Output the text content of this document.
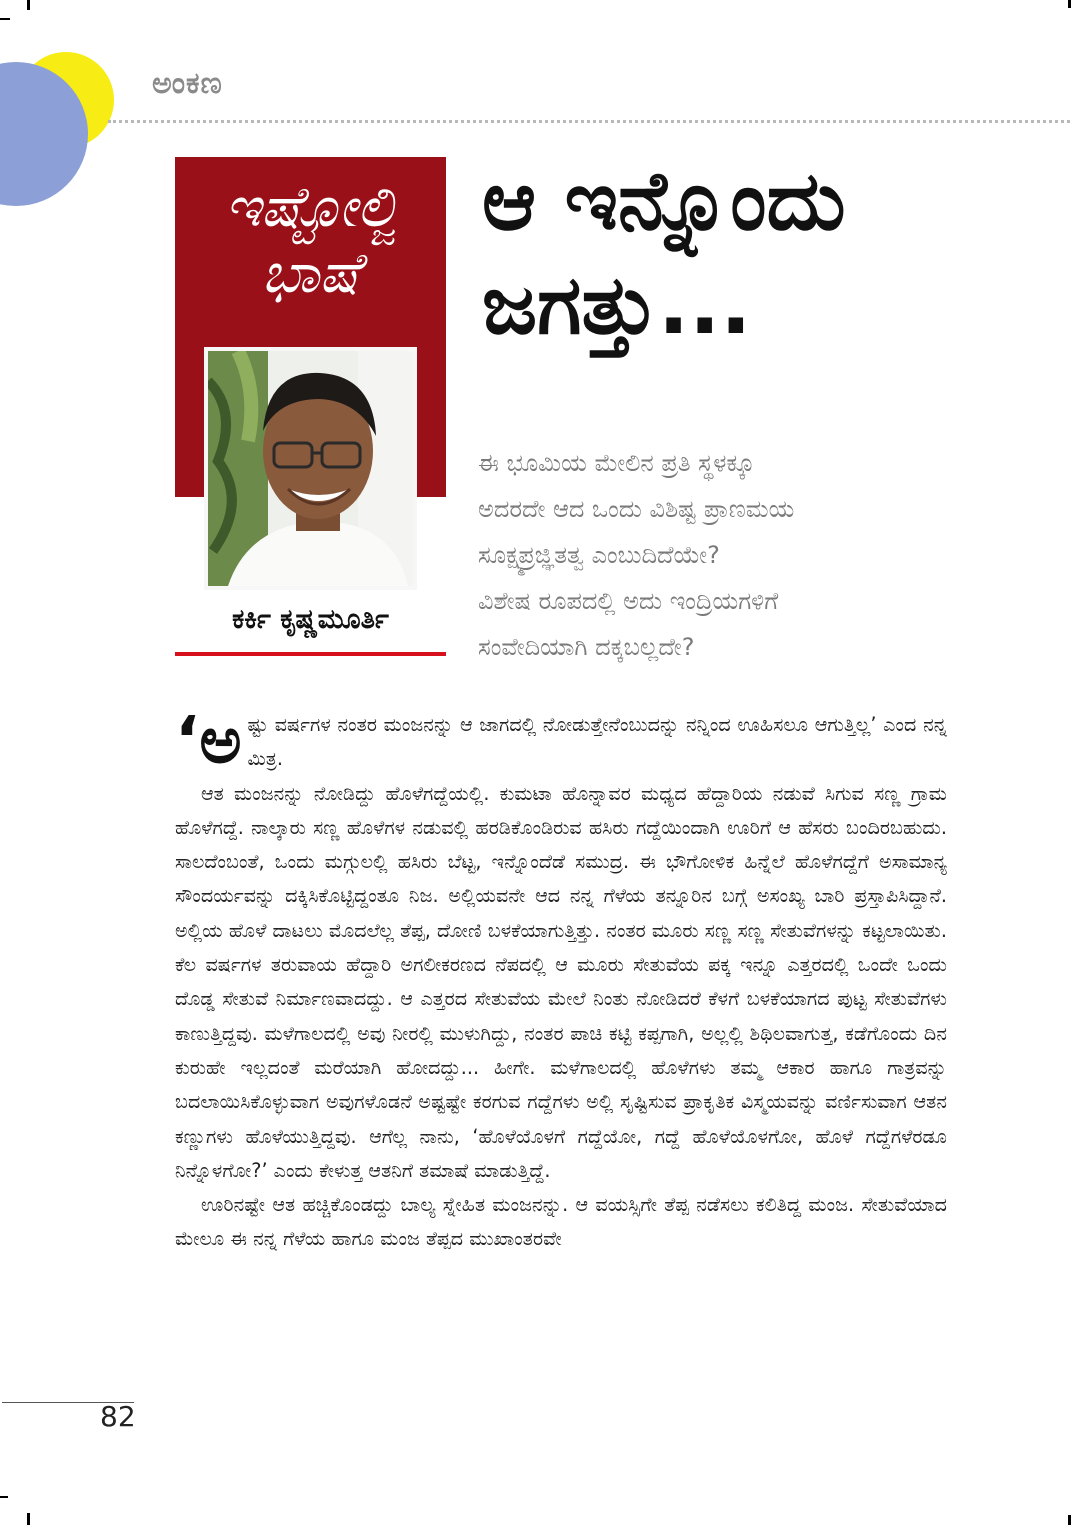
ಅಂಕಣ
ಇಷ್ಟೋಲ್ಜಿ
ಭಾಷೆ
ಕರ್ಕಿ ಕೃಷ್ಣಮೂರ್ತಿ
ಆ ಇನ್ನೊಂದು
ಜಗತ್ತು...
ಈ ಭೂಮಿಯ ಮೇಲಿನ ಪ್ರತಿ ಸ್ಥಳಕ್ಕೂ
ಅದರದೇ ಆದ ಒಂದು ವಿಶಿಷ್ಟ ಪ್ರಾಣಮಯ
ಸೂಕ್ಷ್ಮಪ್ರಜ್ಞಿತತ್ವ ಎಂಬುದಿದೆಯೇ?
ವಿಶೇಷ ರೂಪದಲ್ಲಿ ಅದು ಇಂದ್ರಿಯಗಳಿಗೆ
ಸಂವೇದಿಯಾಗಿ ದಕ್ಕಬಲ್ಲದೇ?

‘ಅಷ್ಟು ವರ್ಷಗಳ ನಂತರ ಮಂಜನನ್ನು ಆ ಜಾಗದಲ್ಲಿ ನೋಡುತ್ತೇನೆಂಬುದನ್ನು ನನ್ನಿಂದ ಊಹಿಸಲೂ ಆಗುತ್ತಿಲ್ಲ’ ಎಂದ ನನ್ನ ಮಿತ್ರ.

ಆತ ಮಂಜನನ್ನು ನೋಡಿದ್ದು ಹೊಳೆಗದ್ದೆಯಲ್ಲಿ. ಕುಮಟಾ ಹೊನ್ನಾವರ ಮಧ್ಯದ ಹೆದ್ದಾರಿಯ ನಡುವೆ ಸಿಗುವ ಸಣ್ಣ ಗ್ರಾಮ ಹೊಳೆಗದ್ದೆ. ನಾಲ್ಕಾರು ಸಣ್ಣ ಹೊಳೆಗಳ ನಡುವಲ್ಲಿ ಹರಡಿಕೊಂಡಿರುವ ಹಸಿರು ಗದ್ದೆಯಿಂದಾಗಿ ಊರಿಗೆ ಆ ಹೆಸರು ಬಂದಿರಬಹುದು. ಸಾಲದೆಂಬಂತೆ, ಒಂದು ಮಗ್ಗುಲಲ್ಲಿ ಹಸಿರು ಬೆಟ್ಟ, ಇನ್ನೊಂದೆಡೆ ಸಮುದ್ರ. ಈ ಭೌಗೋಳಿಕ ಹಿನ್ನೆಲೆ ಹೊಳೆಗದ್ದೆಗೆ ಅಸಾಮಾನ್ಯ ಸೌಂದರ್ಯವನ್ನು ದಕ್ಕಿಸಿಕೊಟ್ಟಿದ್ದಂತೂ ನಿಜ. ಅಲ್ಲಿಯವನೇ ಆದ ನನ್ನ ಗೆಳೆಯ ತನ್ನೂರಿನ ಬಗ್ಗೆ ಅಸಂಖ್ಯ ಬಾರಿ ಪ್ರಸ್ತಾಪಿಸಿದ್ದಾನೆ. ಅಲ್ಲಿಯ ಹೊಳೆ ದಾಟಲು ಮೊದಲೆಲ್ಲ ತೆಪ್ಪ, ದೋಣಿ ಬಳಕೆಯಾಗುತ್ತಿತ್ತು. ನಂತರ ಮೂರು ಸಣ್ಣ ಸಣ್ಣ ಸೇತುವೆಗಳನ್ನು ಕಟ್ಟಲಾಯಿತು. ಕೆಲ ವರ್ಷಗಳ ತರುವಾಯ ಹೆದ್ದಾರಿ ಅಗಲೀಕರಣದ ನೆಪದಲ್ಲಿ ಆ ಮೂರು ಸೇತುವೆಯ ಪಕ್ಕ ಇನ್ನೂ ಎತ್ತರದಲ್ಲಿ ಒಂದೇ ಒಂದು ದೊಡ್ಡ ಸೇತುವೆ ನಿರ್ಮಾಣವಾದದ್ದು. ಆ ಎತ್ತರದ ಸೇತುವೆಯ ಮೇಲೆ ನಿಂತು ನೋಡಿದರೆ ಕೆಳಗೆ ಬಳಕೆಯಾಗದ ಪುಟ್ಟ ಸೇತುವೆಗಳು ಕಾಣುತ್ತಿದ್ದವು. ಮಳೆಗಾಲದಲ್ಲಿ ಅವು ನೀರಲ್ಲಿ ಮುಳುಗಿದ್ದು, ನಂತರ ಪಾಚಿ ಕಟ್ಟಿ ಕಪ್ಪಗಾಗಿ, ಅಲ್ಲಲ್ಲಿ ಶಿಥಿಲವಾಗುತ್ತ, ಕಡೆಗೊಂದು ದಿನ ಕುರುಹೇ ಇಲ್ಲದಂತೆ ಮರೆಯಾಗಿ ಹೋದದ್ದು... ಹೀಗೇ. ಮಳೆಗಾಲದಲ್ಲಿ ಹೊಳೆಗಳು ತಮ್ಮ ಆಕಾರ ಹಾಗೂ ಗಾತ್ರವನ್ನು ಬದಲಾಯಿಸಿಕೊಳ್ಳುವಾಗ ಅವುಗಳೊಡನೆ ಅಷ್ಟಷ್ಟೇ ಕರಗುವ ಗದ್ದೆಗಳು ಅಲ್ಲಿ ಸೃಷ್ಟಿಸುವ ಪ್ರಾಕೃತಿಕ ವಿಸ್ಮಯವನ್ನು ವರ್ಣಿಸುವಾಗ ಆತನ ಕಣ್ಣುಗಳು ಹೊಳೆಯುತ್ತಿದ್ದವು. ಆಗೆಲ್ಲ ನಾನು, ‘ಹೊಳೆಯೊಳಗೆ ಗದ್ದೆಯೋ, ಗದ್ದೆ ಹೊಳೆಯೊಳಗೋ, ಹೊಳೆ ಗದ್ದೆಗಳೆರಡೂ ನಿನ್ನೊಳಗೋ?’ ಎಂದು ಕೇಳುತ್ತ ಆತನಿಗೆ ತಮಾಷೆ ಮಾಡುತ್ತಿದ್ದೆ.

ಊರಿನಷ್ಟೇ ಆತ ಹಚ್ಚಿಕೊಂಡದ್ದು ಬಾಲ್ಯ ಸ್ನೇಹಿತ ಮಂಜನನ್ನು. ಆ ವಯಸ್ಸಿಗೇ ತೆಪ್ಪ ನಡೆಸಲು ಕಲಿತಿದ್ದ ಮಂಜ. ಸೇತುವೆಯಾದ ಮೇಲೂ ಈ ನನ್ನ ಗೆಳೆಯ ಹಾಗೂ ಮಂಜ ತೆಪ್ಪದ ಮುಖಾಂತರವೇ

82
